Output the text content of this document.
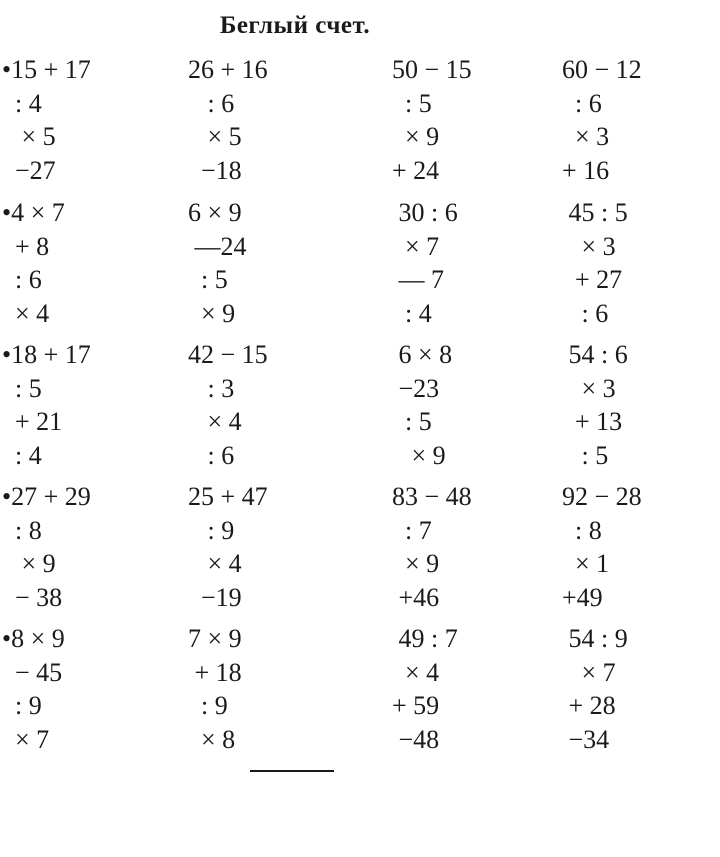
Беглый счет.
•15 + 17
: 4
× 5
−27
26 + 16
: 6
× 5
−18
50 − 15
: 5
× 9
+ 24
60 − 12
: 6
× 3
+ 16
•4 × 7
+ 8
: 6
× 4
6 × 9
—24
: 5
× 9
30 : 6
× 7
— 7
: 4
45 : 5
× 3
+ 27
: 6
•18 + 17
: 5
+ 21
: 4
42 − 15
: 3
× 4
: 6
6 × 8
−23
: 5
× 9
54 : 6
× 3
+ 13
: 5
•27 + 29
: 8
× 9
− 38
25 + 47
: 9
× 4
−19
83 − 48
: 7
× 9
+46
92 − 28
: 8
× 1
+49
•8 × 9
− 45
: 9
× 7
7 × 9
+ 18
: 9
× 8
49 : 7
× 4
+ 59
−48
54 : 9
× 7
+ 28
−34
